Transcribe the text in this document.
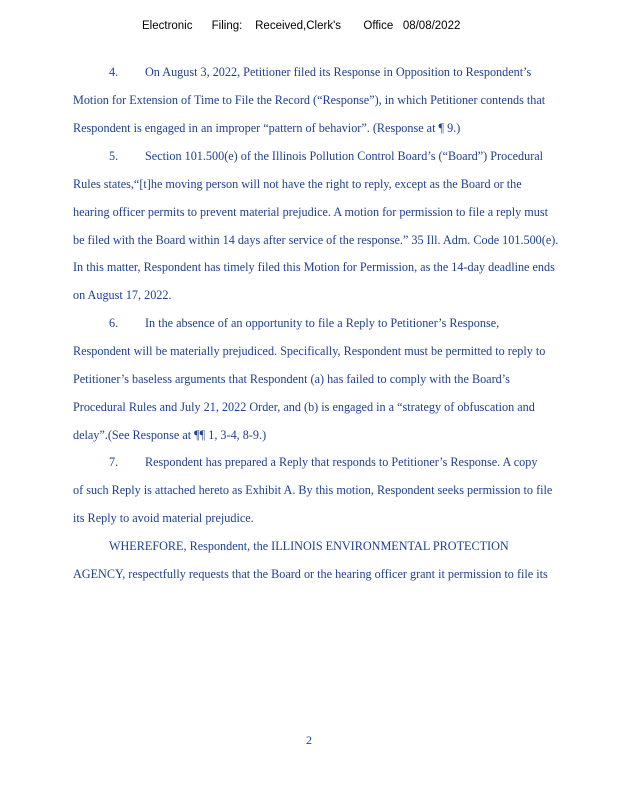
Electronic      Filing:    Received,Clerk's       Office   08/08/2022
4. On August 3, 2022, Petitioner filed its Response in Opposition to Respondent’s
Motion for Extension of Time to File the Record (“Response”), in which Petitioner contends that
Respondent is engaged in an improper “pattern of behavior”. (Response at ¶ 9.)
5. Section 101.500(e) of the Illinois Pollution Control Board’s (“Board”) Procedural
Rules states,“[t]he moving person will not have the right to reply, except as the Board or the
hearing officer permits to prevent material prejudice. A motion for permission to file a reply must
be filed with the Board within 14 days after service of the response.” 35 Ill. Adm. Code 101.500(e).
In this matter, Respondent has timely filed this Motion for Permission, as the 14-day deadline ends
on August 17, 2022.
6. In the absence of an opportunity to file a Reply to Petitioner’s Response,
Respondent will be materially prejudiced. Specifically, Respondent must be permitted to reply to
Petitioner’s baseless arguments that Respondent (a) has failed to comply with the Board’s
Procedural Rules and July 21, 2022 Order, and (b) is engaged in a “strategy of obfuscation and
delay”.(See Response at ¶¶ 1, 3-4, 8-9.)
7. Respondent has prepared a Reply that responds to Petitioner’s Response. A copy
of such Reply is attached hereto as Exhibit A. By this motion, Respondent seeks permission to file
its Reply to avoid material prejudice.
WHEREFORE, Respondent, the ILLINOIS ENVIRONMENTAL PROTECTION
AGENCY, respectfully requests that the Board or the hearing officer grant it permission to file its
2
